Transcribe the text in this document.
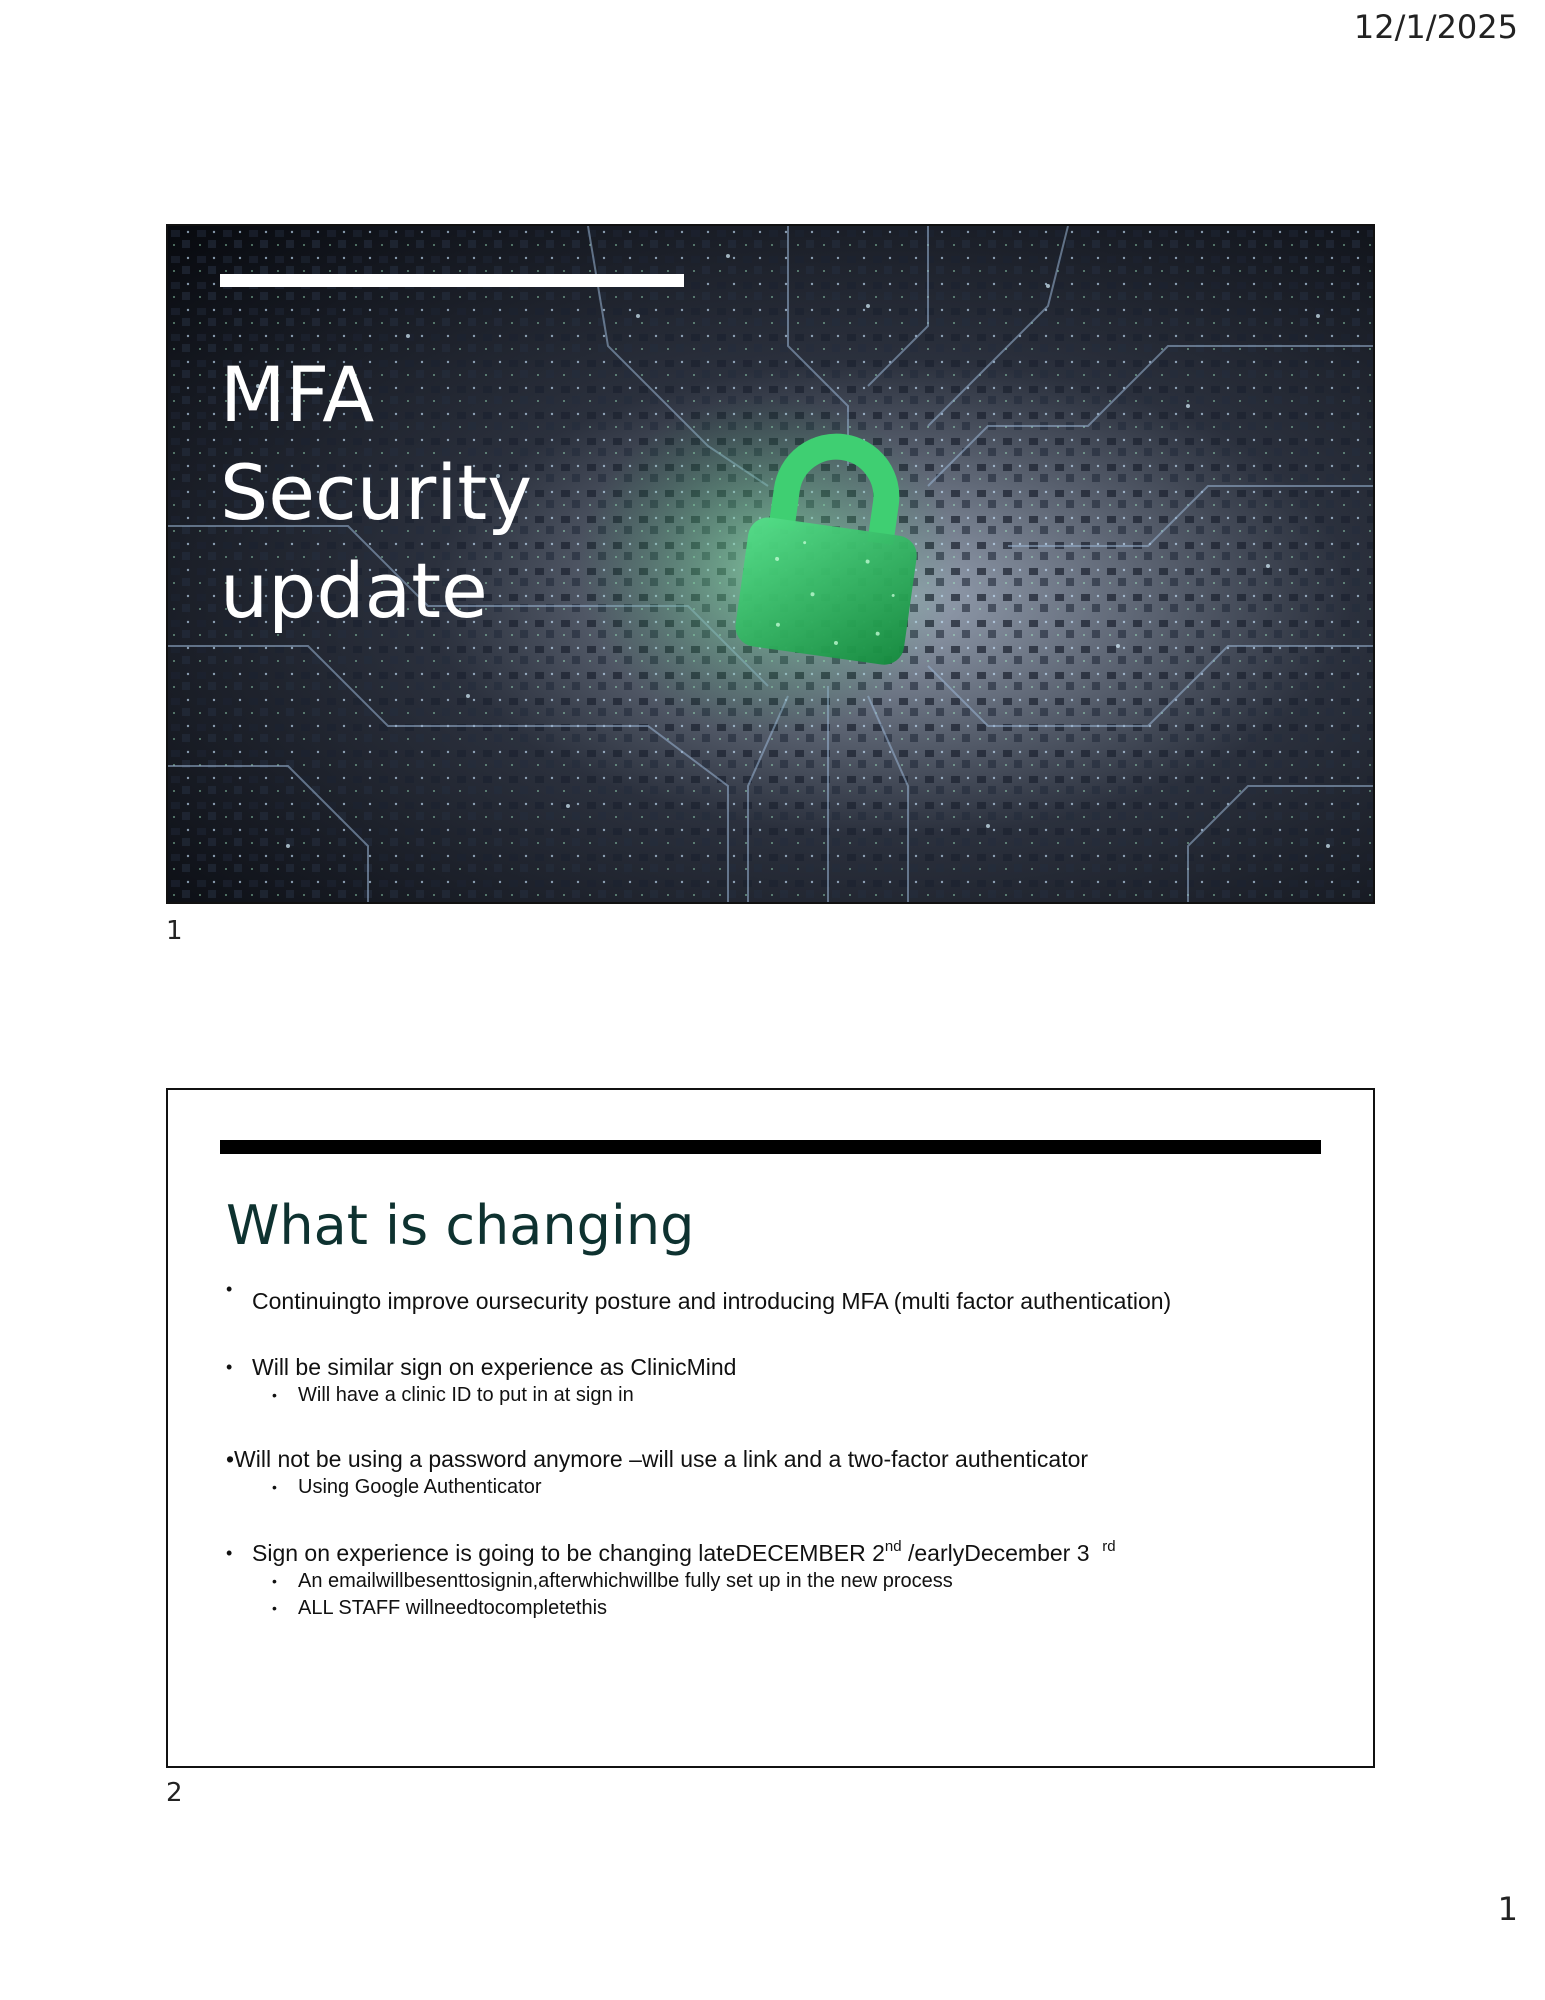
12/1/2025
MFA
Security
update
1
What is changing
• Continuingto improve oursecurity posture and introducing MFA (multi factor authentication)
• Will be similar sign on experience as ClinicMind
• Will have a clinic ID to put in at sign in
•Will not be using a password anymore –will use a link and a two-factor authenticator
• Using Google Authenticator
• Sign on experience is going to be changing lateDECEMBER 2nd /earlyDecember 3 $^{rd}$
• An emailwillbesenttosignin,afterwhichwillbe fully set up in the new process
• ALL STAFF willneedtocompletethis
2
1
